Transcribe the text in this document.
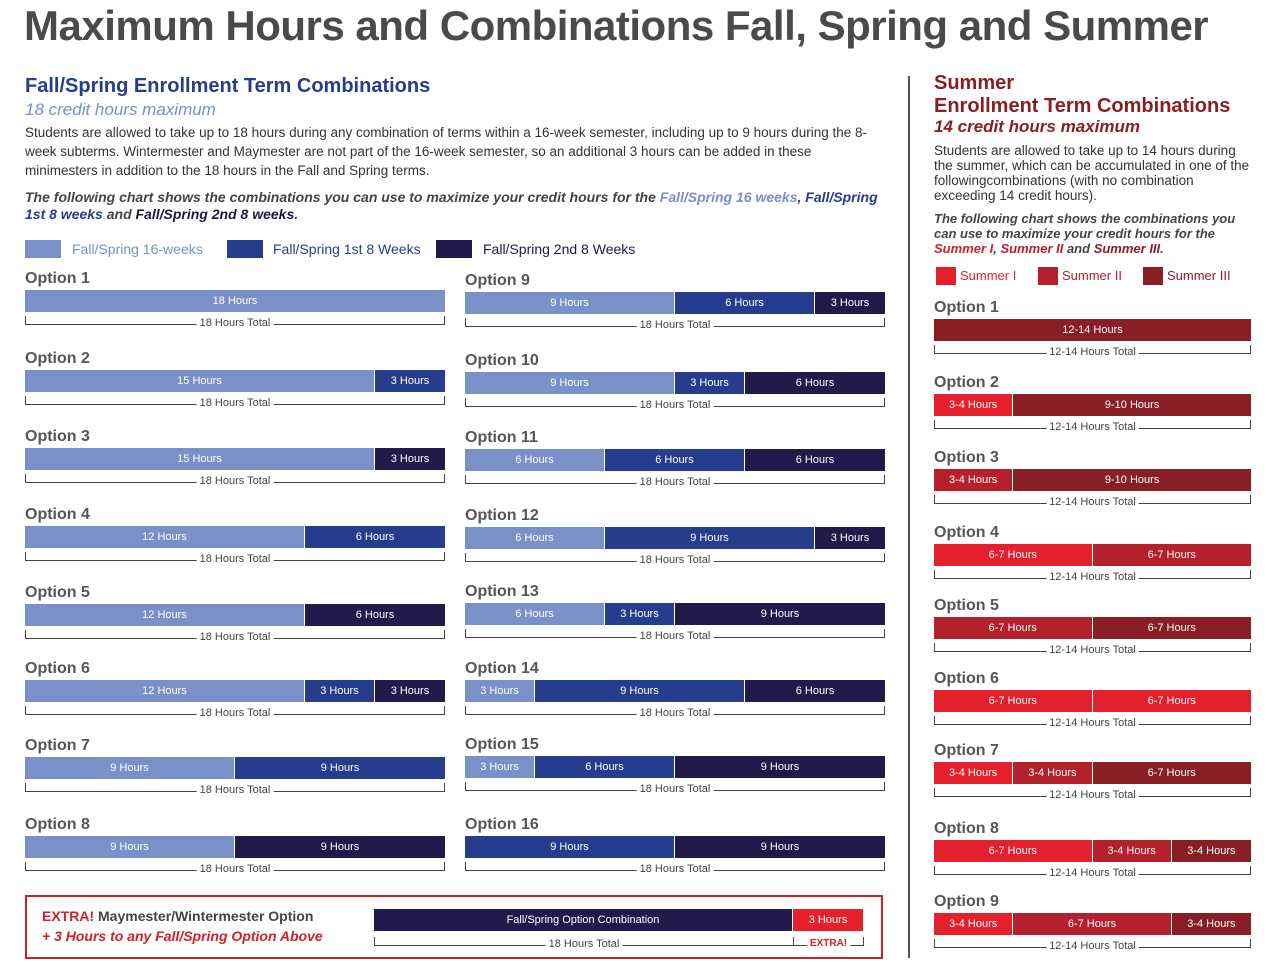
Maximum Hours and Combinations Fall, Spring and Summer
Fall/Spring Enrollment Term Combinations
18 credit hours maximum
Students are allowed to take up to 18 hours during any combination of terms within a 16-week semester, including up to 9 hours during the 8-week subterms. Wintermester and Maymester are not part of the 16-week semester, so an additional 3 hours can be added in these minimesters in addition to the 18 hours in the Fall and Spring terms.
The following chart shows the combinations you can use to maximize your credit hours for the Fall/Spring 16 weeks, Fall/Spring 1st 8 weeks and Fall/Spring 2nd 8 weeks.
Fall/Spring 16-weeks	Fall/Spring 1st 8 Weeks	Fall/Spring 2nd 8 Weeks
Option 1
18 Hours
18 Hours Total
Option 2
15 Hours	3 Hours
18 Hours Total
Option 3
15 Hours	3 Hours
18 Hours Total
Option 4
12 Hours	6 Hours
18 Hours Total
Option 5
12 Hours	6 Hours
18 Hours Total
Option 6
12 Hours	3 Hours	3 Hours
18 Hours Total
Option 7
9 Hours	9 Hours
18 Hours Total
Option 8
9 Hours	9 Hours
18 Hours Total
Option 9
9 Hours	6 Hours	3 Hours
18 Hours Total
Option 10
9 Hours	3 Hours	6 Hours
18 Hours Total
Option 11
6 Hours	6 Hours	6 Hours
18 Hours Total
Option 12
6 Hours	9 Hours	3 Hours
18 Hours Total
Option 13
6 Hours	3 Hours	9 Hours
18 Hours Total
Option 14
3 Hours	9 Hours	6 Hours
18 Hours Total
Option 15
3 Hours	6 Hours	9 Hours
18 Hours Total
Option 16
9 Hours	9 Hours
18 Hours Total
EXTRA! Maymester/Wintermester Option
+ 3 Hours to any Fall/Spring Option Above
Fall/Spring Option Combination	3 Hours
18 Hours Total	EXTRA!
Summer
Enrollment Term Combinations
14 credit hours maximum
Students are allowed to take up to 14 hours during the summer, which can be accumulated in one of the followingcombinations (with no combination exceeding 14 credit hours).
The following chart shows the combinations you can use to maximize your credit hours for the Summer I, Summer II and Summer III.
Summer I	Summer II	Summer III
Option 1
12-14 Hours
12-14 Hours Total
Option 2
3-4 Hours	9-10 Hours
12-14 Hours Total
Option 3
3-4 Hours	9-10 Hours
12-14 Hours Total
Option 4
6-7 Hours	6-7 Hours
12-14 Hours Total
Option 5
6-7 Hours	6-7 Hours
12-14 Hours Total
Option 6
6-7 Hours	6-7 Hours
12-14 Hours Total
Option 7
3-4 Hours	3-4 Hours	6-7 Hours
12-14 Hours Total
Option 8
6-7 Hours	3-4 Hours	3-4 Hours
12-14 Hours Total
Option 9
3-4 Hours	6-7 Hours	3-4 Hours
12-14 Hours Total
